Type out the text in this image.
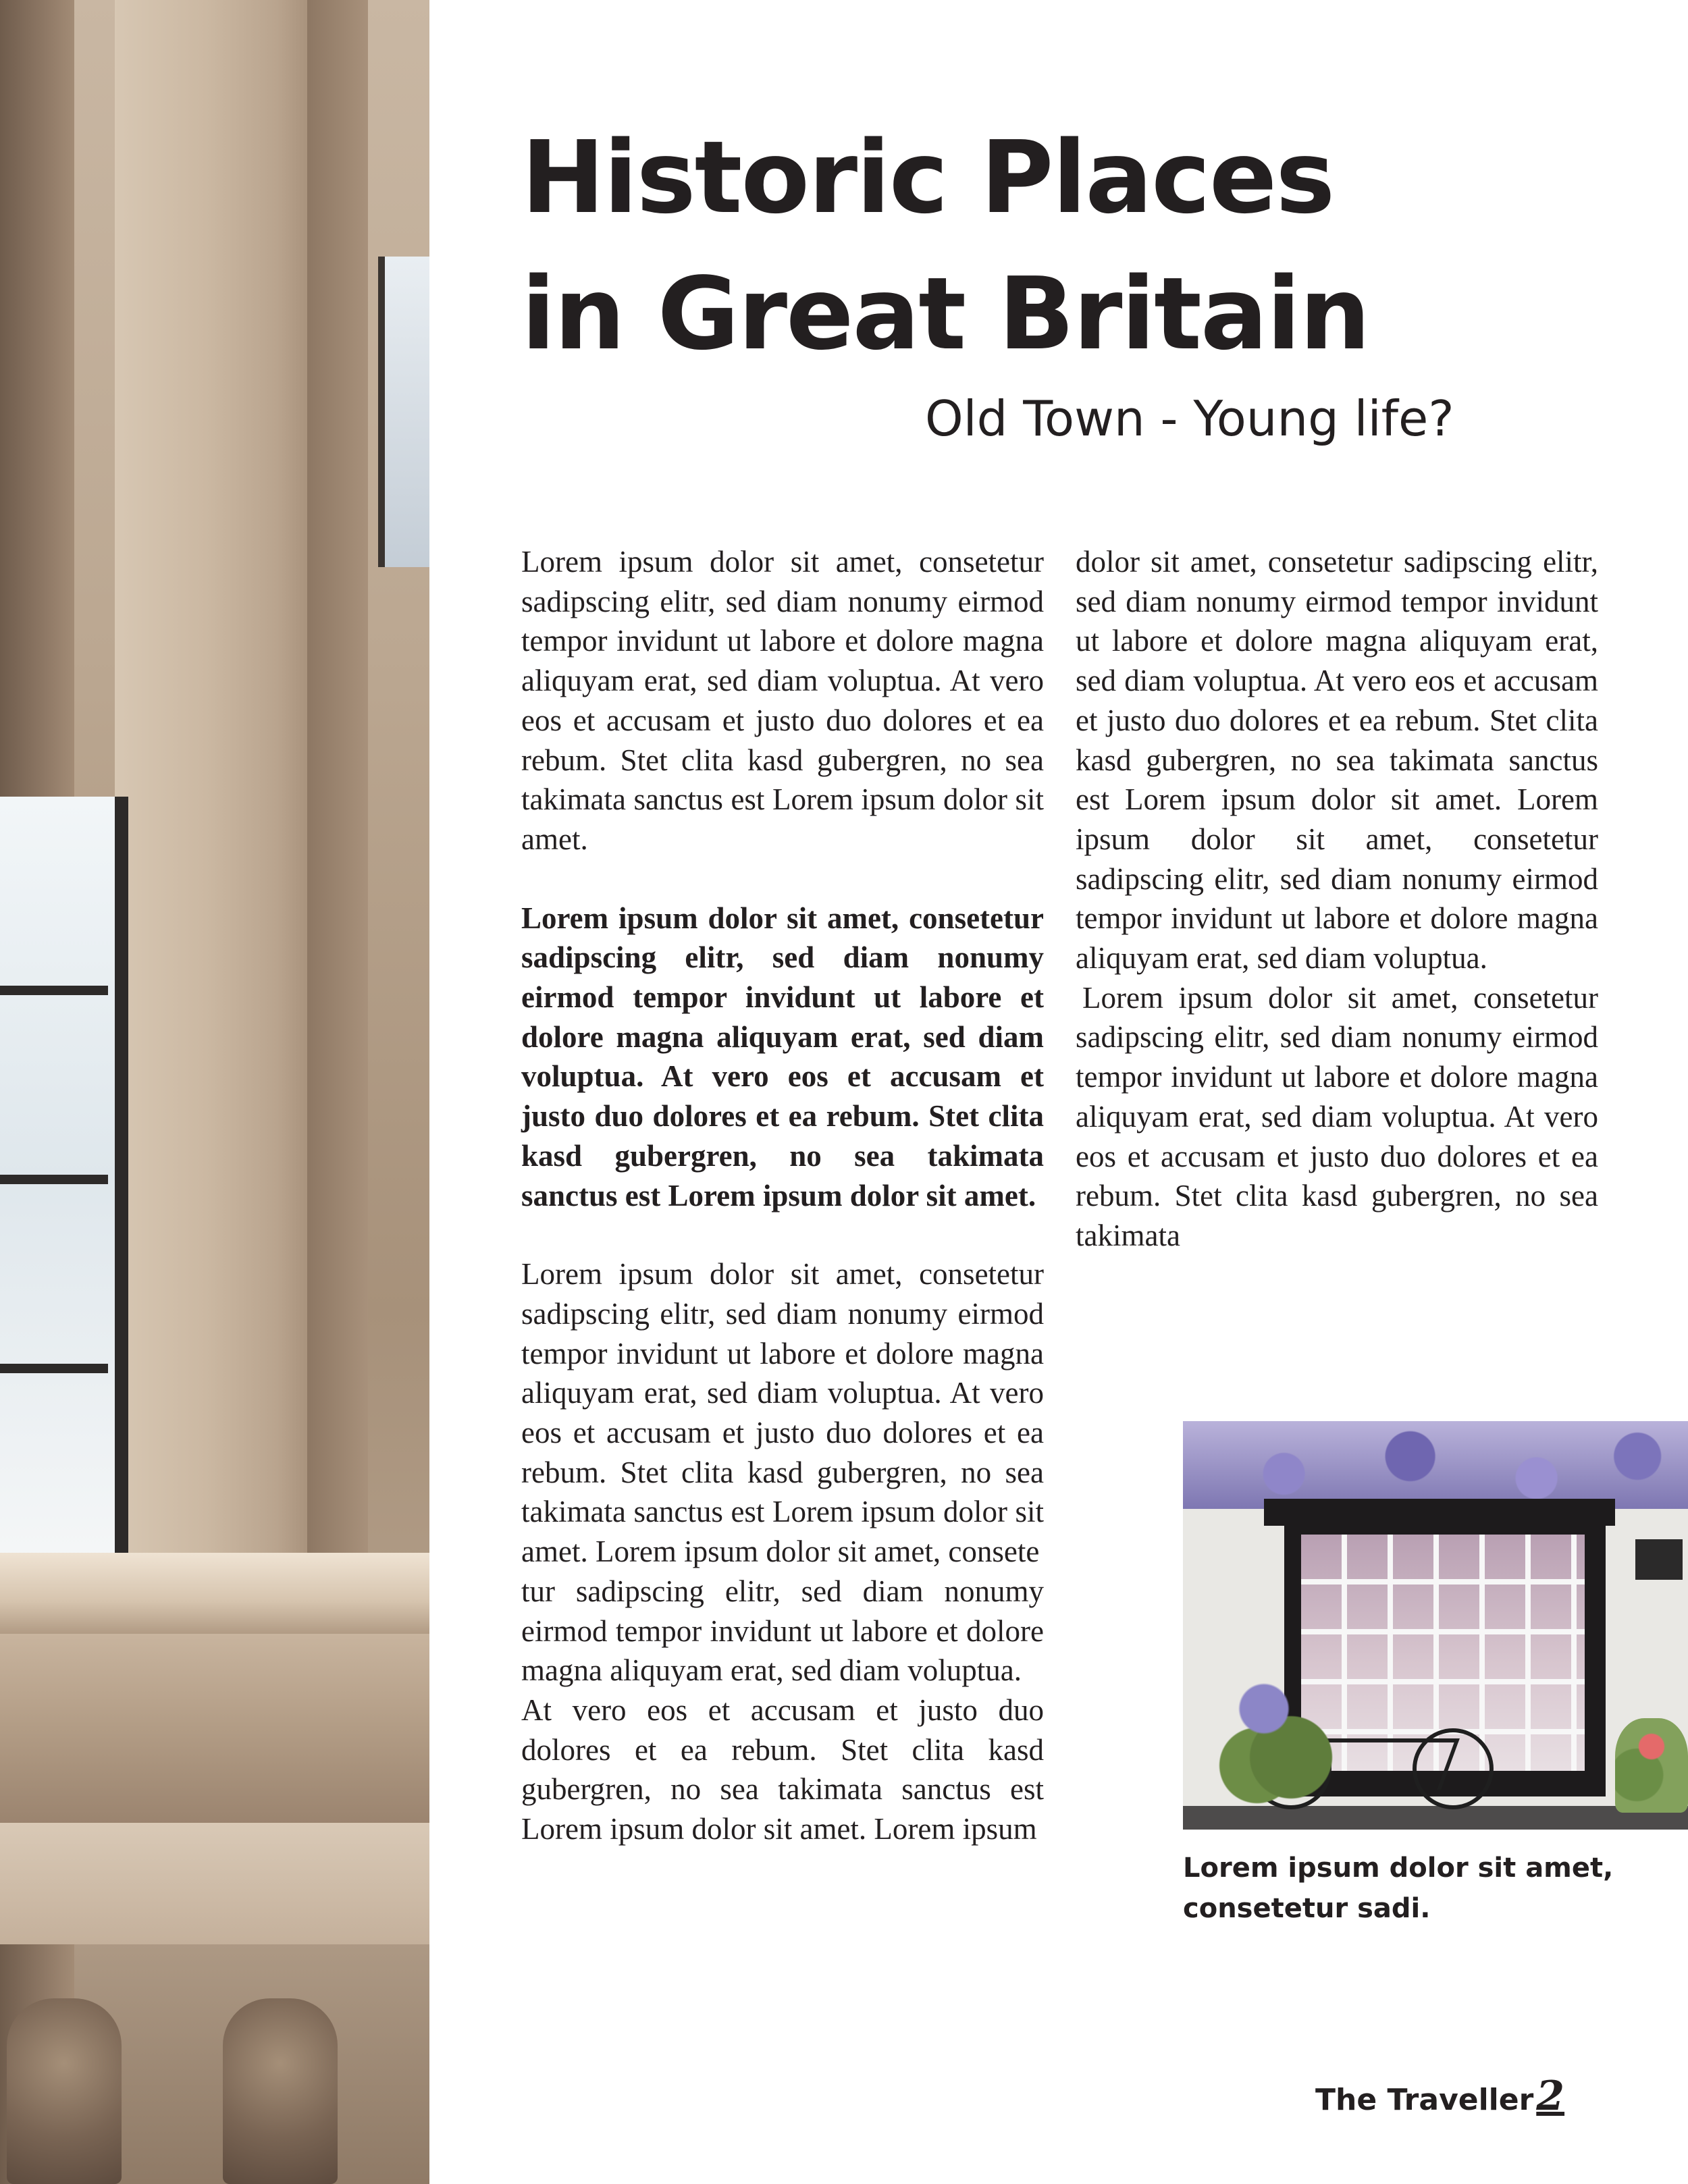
Historic Places
in Great Britain
Old Town - Young life?

Lorem ipsum dolor sit amet, consetetur sadipscing elitr, sed diam nonumy eirmod tempor invidunt ut labore et dolore magna aliquyam erat, sed diam voluptua. At vero eos et accusam et justo duo dolores et ea rebum. Stet clita kasd gubergren, no sea takimata sanctus est Lorem ipsum dolor sit amet.

Lorem ipsum dolor sit amet, consetetur sadipscing elitr, sed diam nonumy eirmod tempor invidunt ut labore et dolore magna aliquyam erat, sed diam voluptua. At vero eos et accusam et justo duo dolores et ea rebum. Stet clita kasd gubergren, no sea takimata sanctus est Lorem ipsum dolor sit amet.

Lorem ipsum dolor sit amet, consetetur sadipscing elitr, sed diam nonumy eirmod tempor invidunt ut labore et dolore magna aliquyam erat, sed diam voluptua. At vero eos et accusam et justo duo dolores et ea rebum. Stet clita kasd gubergren, no sea takimata sanctus est Lorem ipsum dolor sit amet. Lorem ipsum dolor sit amet, consete

tur sadipscing elitr, sed diam nonumy eirmod tempor invidunt ut labore et dolore magna aliquyam erat, sed diam voluptua.

At vero eos et accusam et justo duo dolores et ea rebum. Stet clita kasd gubergren, no sea takimata sanctus est Lorem ipsum dolor sit amet. Lorem ipsum

dolor sit amet, consetetur sadipscing elitr, sed diam nonumy eirmod tempor invidunt ut labore et dolore magna aliquyam erat, sed diam voluptua. At vero eos et accusam et justo duo dolores et ea rebum. Stet clita kasd gubergren, no sea takimata sanctus est Lorem ipsum dolor sit amet. Lorem ipsum dolor sit amet, consetetur sadipscing elitr, sed diam nonumy eirmod tempor invidunt ut labore et dolore magna aliquyam erat, sed diam voluptua.

Lorem ipsum dolor sit amet, consetetur sadipscing elitr, sed diam nonumy eirmod tempor invidunt ut labore et dolore magna aliquyam erat, sed diam voluptua. At vero eos et accusam et justo duo dolores et ea rebum. Stet clita kasd gubergren, no sea takimata

Lorem ipsum dolor sit amet,
consetetur sadi.

The Traveller2
